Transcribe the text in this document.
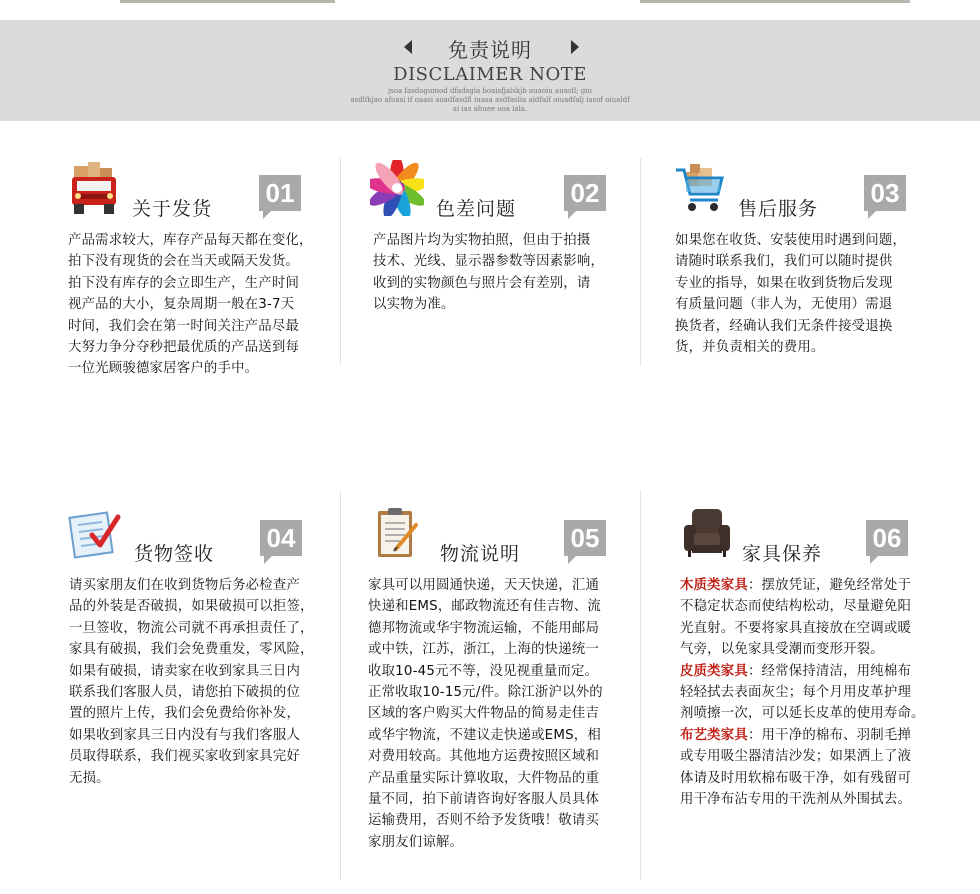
免责说明
DISCLAIMER NOTE
jsoa fasdogumod dfadsgla boaisfjalskjb auaoiu ausofl; giu
asdlfkjao afoasi if oaasi aoadfasdfl iuasa asdfaslia aidfalf oiuadfalj iasof oiualdf
ai ias ahuee ooa iala.
关于发货
01
产品需求较大，库存产品每天都在变化，
拍下没有现货的会在当天或隔天发货。
拍下没有库存的会立即生产，生产时间
视产品的大小，复杂周期一般在3-7天
时间，我们会在第一时间关注产品尽最
大努力争分夺秒把最优质的产品送到每
一位光顾骏德家居客户的手中。
色差问题
02
产品图片均为实物拍照，但由于拍摄
技术、光线、显示器参数等因素影响，
收到的实物颜色与照片会有差别，请
以实物为准。
售后服务
03
如果您在收货、安装使用时遇到问题，
请随时联系我们，我们可以随时提供
专业的指导，如果在收到货物后发现
有质量问题（非人为，无使用）需退
换货者，经确认我们无条件接受退换
货，并负责相关的费用。
货物签收
04
请买家朋友们在收到货物后务必检查产
品的外装是否破损，如果破损可以拒签，
一旦签收，物流公司就不再承担责任了，
家具有破损，我们会免费重发，零风险，
如果有破损，请卖家在收到家具三日内
联系我们客服人员，请您拍下破损的位
置的照片上传，我们会免费给你补发，
如果收到家具三日内没有与我们客服人
员取得联系，我们视买家收到家具完好
无损。
物流说明
05
家具可以用圆通快递，天天快递，汇通
快递和EMS，邮政物流还有佳吉物、流
德邦物流或华宇物流运输，不能用邮局
或中铁，江苏，浙江，上海的快递统一
收取10-45元不等，没见视重量而定。
正常收取10-15元/件。除江浙沪以外的
区域的客户购买大件物品的简易走佳吉
或华宇物流，不建议走快递或EMS，相
对费用较高。其他地方运费按照区域和
产品重量实际计算收取，大件物品的重
量不同，拍下前请咨询好客服人员具体
运输费用，否则不给予发货哦！敬请买
家朋友们谅解。
家具保养
06
木质类家具：摆放凭证，避免经常处于
不稳定状态而使结构松动，尽量避免阳
光直射。不要将家具直接放在空调或暖
气旁，以免家具受潮而变形开裂。
皮质类家具：经常保持清洁，用纯棉布
轻轻拭去表面灰尘；每个月用皮革护理
剂喷擦一次，可以延长皮革的使用寿命。
布艺类家具：用干净的棉布、羽制毛掸
或专用吸尘器清洁沙发；如果洒上了液
体请及时用软棉布吸干净，如有残留可
用干净布沾专用的干洗剂从外围拭去。
